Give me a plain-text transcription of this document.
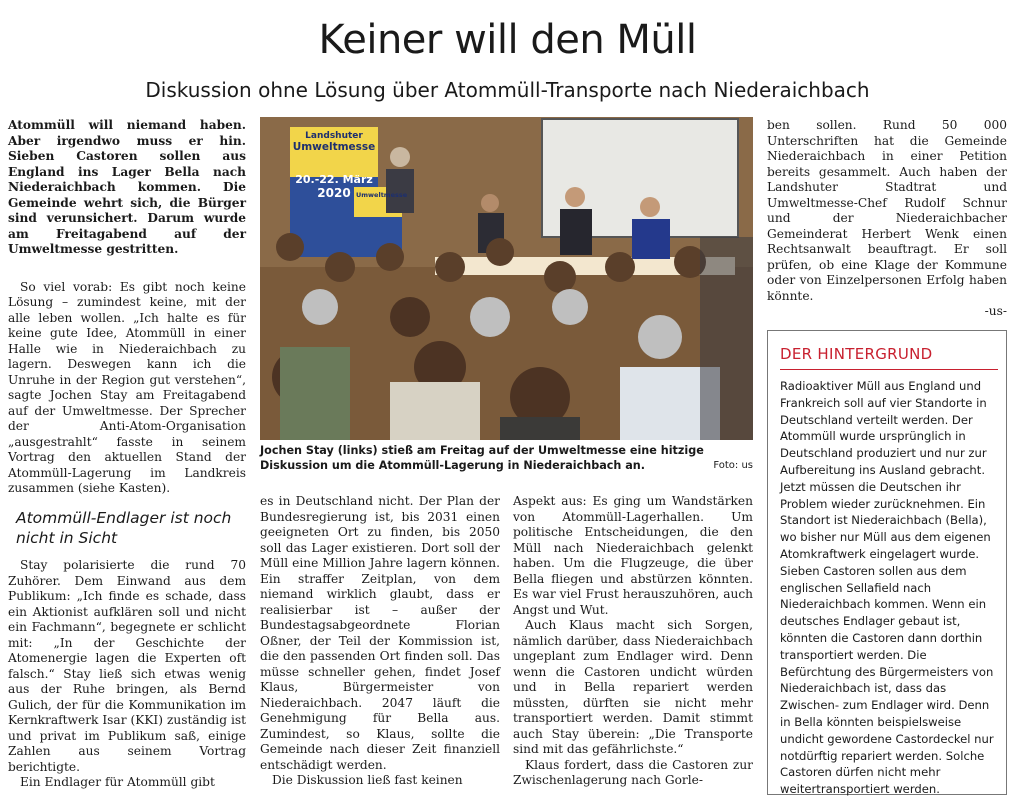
Keiner will den Müll
Diskussion ohne Lösung über Atommüll-Transporte nach Niederaichbach

Atommüll will niemand haben. Aber irgendwo muss er hin. Sieben Castoren sollen aus England ins Lager Bella nach Niederaichbach kommen. Die Gemeinde wehrt sich, die Bürger sind verunsichert. Darum wurde am Freitagabend auf der Umweltmesse gestritten.

So viel vorab: Es gibt noch keine Lösung – zumindest keine, mit der alle leben wollen. „Ich halte es für keine gute Idee, Atommüll in einer Halle wie in Niederaichbach zu lagern. Deswegen kann ich die Unruhe in der Region gut verstehen“, sagte Jochen Stay am Freitagabend auf der Umweltmesse. Der Sprecher der Anti-Atom-Organisation „ausgestrahlt“ fasste in seinem Vortrag den aktuellen Stand der Atommüll-Lagerung im Landkreis zusammen (siehe Kasten).

Atommüll-Endlager ist noch nicht in Sicht

Stay polarisierte die rund 70 Zuhörer. Dem Einwand aus dem Publikum: „Ich finde es schade, dass ein Aktionist aufklären soll und nicht ein Fachmann“, begegnete er schlicht mit: „In der Geschichte der Atomenergie lagen die Experten oft falsch.“ Stay ließ sich etwas wenig aus der Ruhe bringen, als Bernd Gulich, der für die Kommunikation im Kernkraftwerk Isar (KKI) zuständig ist und privat im Publikum saß, einige Zahlen aus seinem Vortrag berichtigte.

Ein Endlager für Atommüll gibt

Landshuter
Umweltmesse
20.-22. März
2020 Umweltmesse
Jochen Stay (links) stieß am Freitag auf der Umweltmesse eine hitzige Diskussion um die Atommüll-Lagerung in Niederaichbach an.	Foto: us

es in Deutschland nicht. Der Plan der Bundesregierung ist, bis 2031 einen geeigneten Ort zu finden, bis 2050 soll das Lager existieren. Dort soll der Müll eine Million Jahre lagern können. Ein straffer Zeitplan, von dem niemand wirklich glaubt, dass er realisierbar ist – außer der Bundestagsabgeordnete Florian Oßner, der Teil der Kommission ist, die den passenden Ort finden soll. Das müsse schneller gehen, findet Josef Klaus, Bürgermeister von Niederaichbach. 2047 läuft die Genehmigung für Bella aus. Zumindest, so Klaus, sollte die Gemeinde nach dieser Zeit finanziell entschädigt werden.

Die Diskussion ließ fast keinen

Aspekt aus: Es ging um Wandstärken von Atommüll-Lagerhallen. Um politische Entscheidungen, die den Müll nach Niederaichbach gelenkt haben. Um die Flugzeuge, die über Bella fliegen und abstürzen könnten. Es war viel Frust herauszuhören, auch Angst und Wut.

Auch Klaus macht sich Sorgen, nämlich darüber, dass Niederaichbach ungeplant zum Endlager wird. Denn wenn die Castoren undicht würden und in Bella repariert werden müssten, dürften sie nicht mehr transportiert werden. Damit stimmt auch Stay überein: „Die Transporte sind mit das gefährlichste.“

Klaus fordert, dass die Castoren zur Zwischenlagerung nach Gorle-

ben sollen. Rund 50 000 Unterschriften hat die Gemeinde Niederaichbach in einer Petition bereits gesammelt. Auch haben der Landshuter Stadtrat und Umweltmesse-Chef Rudolf Schnur und der Niederaichbacher Gemeinderat Herbert Wenk einen Rechtsanwalt beauftragt. Er soll prüfen, ob eine Klage der Kommune oder von Einzelpersonen Erfolg haben könnte.

-us-

DER HINTERGRUND
Radioaktiver Müll aus England und Frankreich soll auf vier Standorte in Deutschland verteilt werden. Der Atommüll wurde ursprünglich in Deutschland produziert und nur zur Aufbereitung ins Ausland gebracht. Jetzt müssen die Deutschen ihr Problem wieder zurücknehmen. Ein Standort ist Niederaichbach (Bella), wo bisher nur Müll aus dem eigenen Atomkraftwerk eingelagert wurde. Sieben Castoren sollen aus dem englischen Sellafield nach Niederaichbach kommen. Wenn ein deutsches Endlager gebaut ist, könnten die Castoren dann dorthin transportiert werden. Die Befürchtung des Bürgermeisters von Niederaichbach ist, dass das Zwischen- zum Endlager wird. Denn in Bella könnten beispielsweise undicht gewordene Castordeckel nur notdürftig repariert werden. Solche Castoren dürfen nicht mehr weitertransportiert werden.
